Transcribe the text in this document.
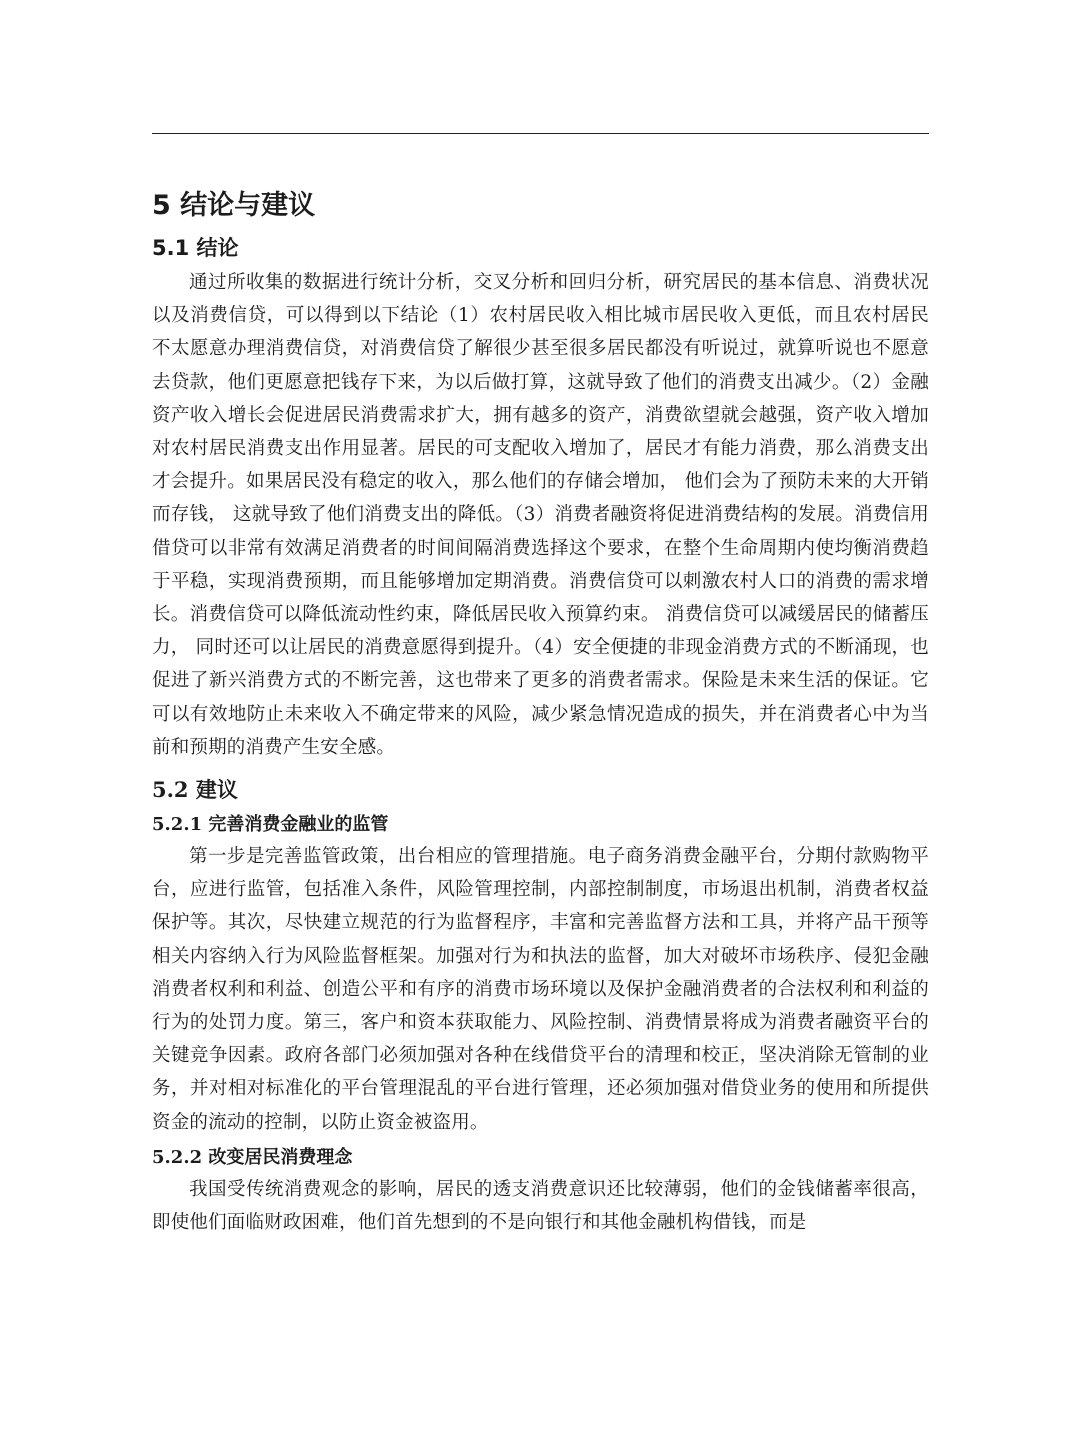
5 结论与建议
5.1 结论

通过所收集的数据进行统计分析，交叉分析和回归分析，研究居民的基本信息、消费状况以及消费信贷，可以得到以下结论（1）农村居民收入相比城市居民收入更低，而且农村居民不太愿意办理消费信贷，对消费信贷了解很少甚至很多居民都没有听说过，就算听说也不愿意去贷款，他们更愿意把钱存下来，为以后做打算，这就导致了他们的消费支出减少。（2）金融资产收入增长会促进居民消费需求扩大，拥有越多的资产，消费欲望就会越强，资产收入增加对农村居民消费支出作用显著。居民的可支配收入增加了，居民才有能力消费，那么消费支出才会提升。如果居民没有稳定的收入，那么他们的存储会增加， 他们会为了预防未来的大开销而存钱， 这就导致了他们消费支出的降低。（3）消费者融资将促进消费结构的发展。消费信用借贷可以非常有效满足消费者的时间间隔消费选择这个要求，在整个生命周期内使均衡消费趋于平稳，实现消费预期，而且能够增加定期消费。消费信贷可以刺激农村人口的消费的需求增长。消费信贷可以降低流动性约束，降低居民收入预算约束。 消费信贷可以减缓居民的储蓄压力， 同时还可以让居民的消费意愿得到提升。（4）安全便捷的非现金消费方式的不断涌现，也促进了新兴消费方式的不断完善，这也带来了更多的消费者需求。保险是未来生活的保证。它可以有效地防止未来收入不确定带来的风险，减少紧急情况造成的损失，并在消费者心中为当前和预期的消费产生安全感。

5.2 建议
5.2.1 完善消费金融业的监管

第一步是完善监管政策，出台相应的管理措施。电子商务消费金融平台，分期付款购物平台，应进行监管，包括准入条件，风险管理控制，内部控制制度，市场退出机制，消费者权益保护等。其次，尽快建立规范的行为监督程序，丰富和完善监督方法和工具，并将产品干预等相关内容纳入行为风险监督框架。加强对行为和执法的监督，加大对破坏市场秩序、侵犯金融消费者权利和利益、创造公平和有序的消费市场环境以及保护金融消费者的合法权利和利益的行为的处罚力度。第三，客户和资本获取能力、风险控制、消费情景将成为消费者融资平台的关键竞争因素。政府各部门必须加强对各种在线借贷平台的清理和校正，坚决消除无管制的业务，并对相对标准化的平台管理混乱的平台进行管理，还必须加强对借贷业务的使用和所提供资金的流动的控制，以防止资金被盗用。

5.2.2 改变居民消费理念

我国受传统消费观念的影响，居民的透支消费意识还比较薄弱，他们的金钱储蓄率很高，即使他们面临财政困难，他们首先想到的不是向银行和其他金融机构借钱，而是
